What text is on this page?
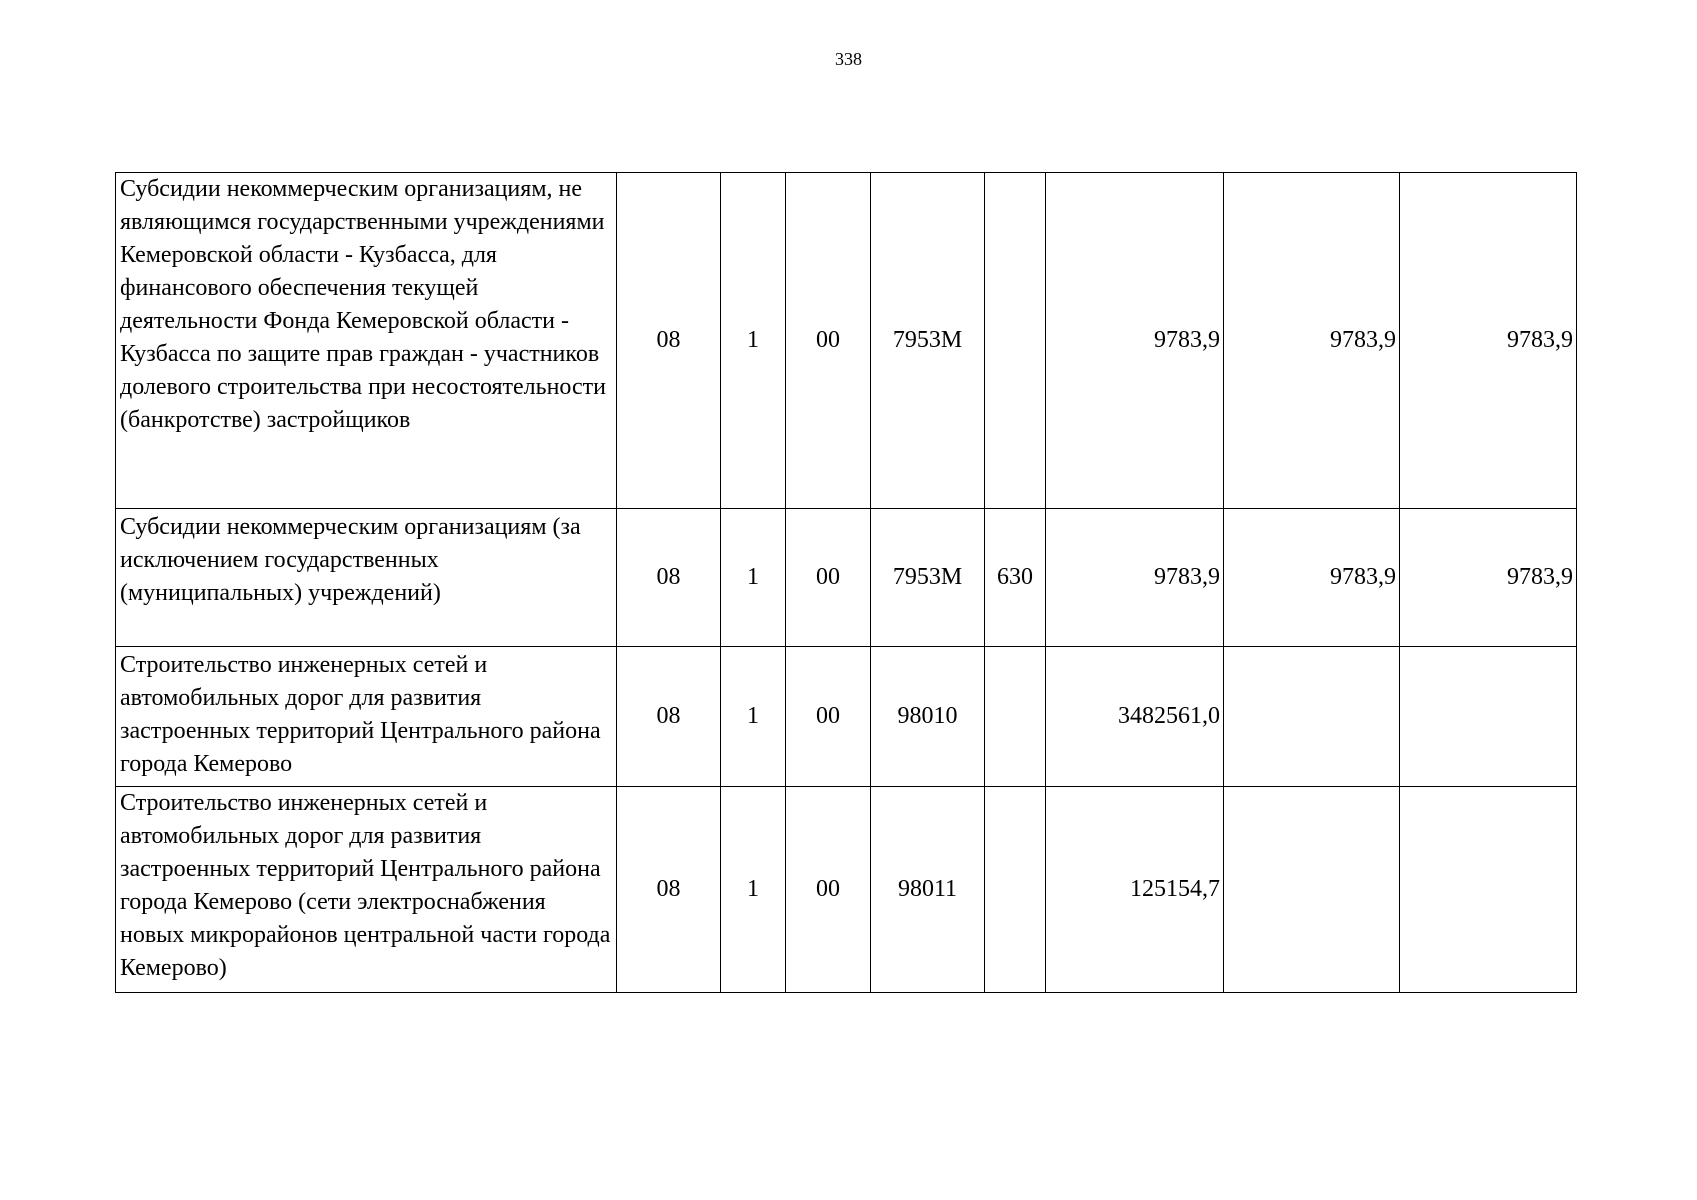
338
Субсидии некоммерческим организациям, не являющимся государственными учреждениями Кемеровской области - Кузбасса, для финансового обеспечения текущей деятельности Фонда Кемеровской области - Кузбасса по защите прав граждан - участников долевого строительства при несостоятельности (банкротстве) застройщиков	08	1	00	7953M		9783,9	9783,9	9783,9
Субсидии некоммерческим организациям (за исключением государственных (муниципальных) учреждений)	08	1	00	7953M	630	9783,9	9783,9	9783,9
Строительство инженерных сетей и автомобильных дорог для развития застроенных территорий Центрального района города Кемерово	08	1	00	98010		3482561,0		
Строительство инженерных сетей и автомобильных дорог для развития застроенных территорий Центрального района города Кемерово (сети электроснабжения новых микрорайонов центральной части города Кемерово)	08	1	00	98011		125154,7		
